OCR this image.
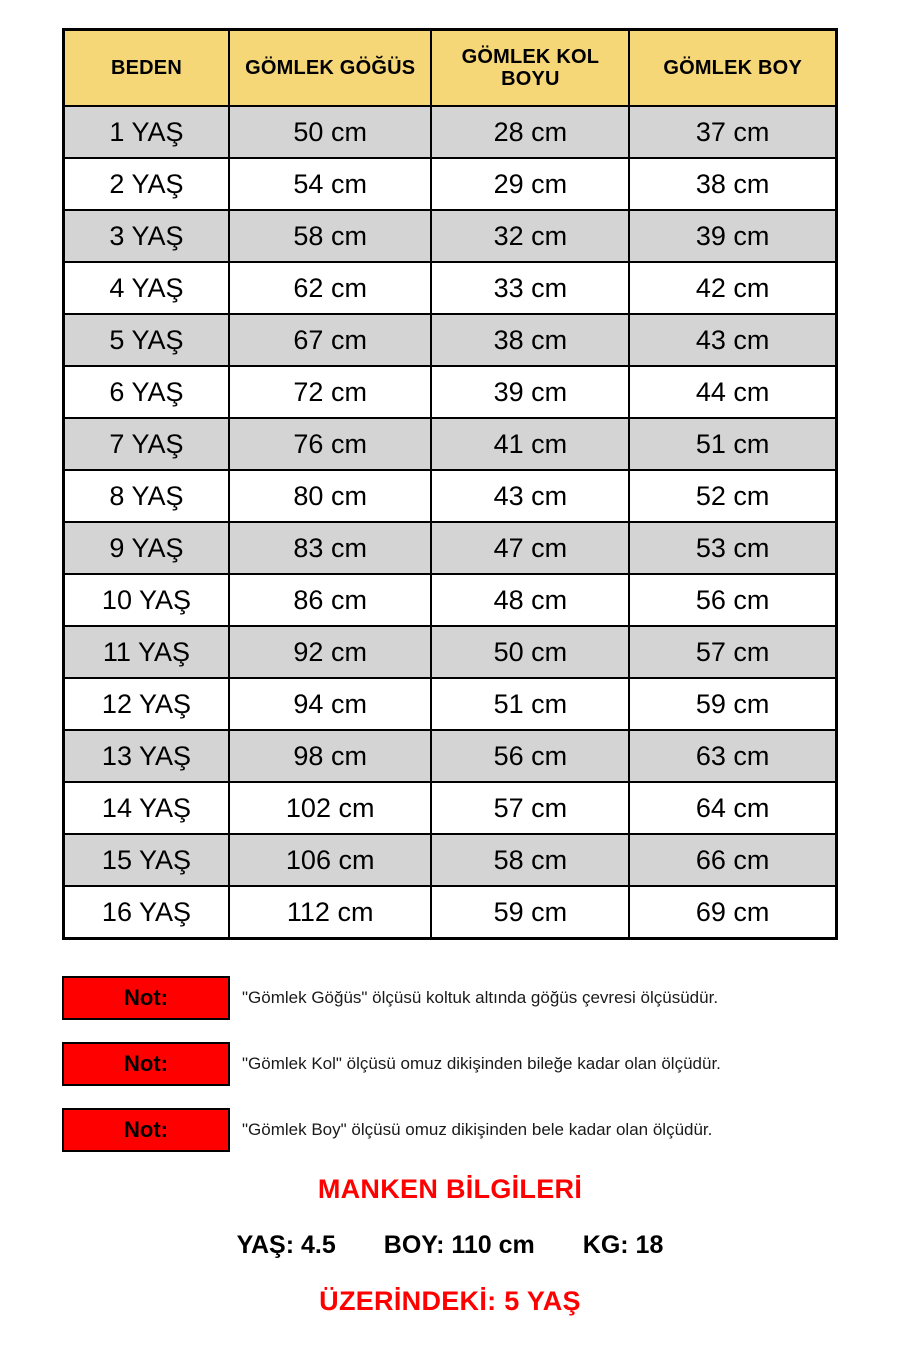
BEDEN	GÖMLEK GÖĞÜS	GÖMLEK KOL BOYU	GÖMLEK BOY
1 YAŞ	50 cm	28 cm	37 cm
2 YAŞ	54 cm	29 cm	38 cm
3 YAŞ	58 cm	32 cm	39 cm
4 YAŞ	62 cm	33 cm	42 cm
5 YAŞ	67 cm	38 cm	43 cm
6 YAŞ	72 cm	39 cm	44 cm
7 YAŞ	76 cm	41 cm	51 cm
8 YAŞ	80 cm	43 cm	52 cm
9 YAŞ	83 cm	47 cm	53 cm
10 YAŞ	86 cm	48 cm	56 cm
11 YAŞ	92 cm	50 cm	57 cm
12 YAŞ	94 cm	51 cm	59 cm
13 YAŞ	98 cm	56 cm	63 cm
14 YAŞ	102 cm	57 cm	64 cm
15 YAŞ	106 cm	58 cm	66 cm
16 YAŞ	112 cm	59 cm	69 cm
Not:	"Gömlek Göğüs" ölçüsü koltuk altında göğüs çevresi ölçüsüdür.
Not:	"Gömlek Kol" ölçüsü omuz dikişinden bileğe kadar olan ölçüdür.
Not:	"Gömlek Boy" ölçüsü omuz dikişinden bele kadar olan ölçüdür.
MANKEN BİLGİLERİ
YAŞ: 4.5 BOY: 110 cm KG: 18
ÜZERİNDEKİ: 5 YAŞ
